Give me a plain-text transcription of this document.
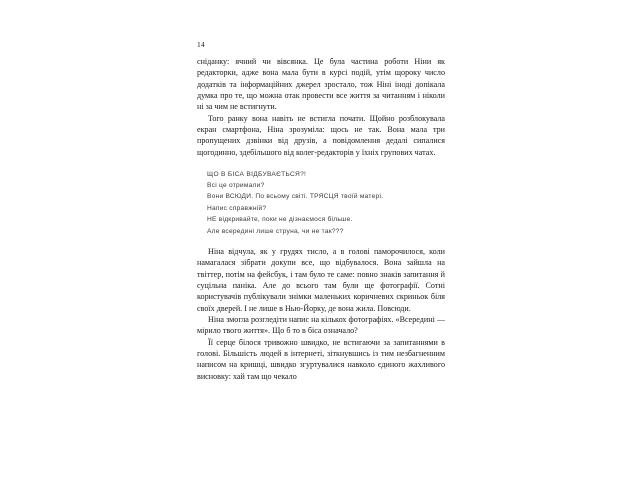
14

сніданку: ячний чи вівсянка. Це була частина роботи Ніни як редакторки, адже вона мала бути в курсі подій, утім щороку число додатків та інформаційних джерел зростало, тож Ніні іноді допікала думка про те, що можна отак провести все життя за читанням і ніколи ні за чим не встигнути.

Того ранку вона навіть не встигла почати. Щойно розблокувала екран смартфона, Ніна зрозуміла: щось не так. Вона мала три пропущених дзвінки від друзів, а повідомлення дедалі сипалися щогодинно, здебільшого від колег-редакторів у їхніх групових чатах.

ЩО В БІСА ВІДБУВАЄТЬСЯ?!
Всі це отримали?
Вони ВСЮДИ. По всьому світі. ТРЯСЦЯ твоїй матері.
Напис справжній?
НЕ відкривайте, поки не дізнаємося більше.
Але всередині лише струна, чи не так???

Ніна відчула, як у грудях тисло, а в голові паморочилося, коли намагалася зібрати докупи все, що відбувалося. Вона зайшла на твіттер, потім на фейсбук, і там було те саме: повно знаків запитання й суцільна паніка. Але до всього там були ще фотографії. Сотні користувачів публікували знімки маленьких коричневих скриньок біля своїх дверей. І не лише в Нью-Йорку, де вона жила. Повсюди.

Ніна змогла розгледіти напис на кількох фотографіях. «Всередині — мірило твого життя». Що б то в біса означало?

Її серце білося тривожно швидко, не встигаючи за запитаннями в голові. Більшість людей в інтернеті, зіткнувшись із тим незбагненним написом на кришці, швидко згуртувалися навколо єдиного жахливого висновку: хай там що чекало
